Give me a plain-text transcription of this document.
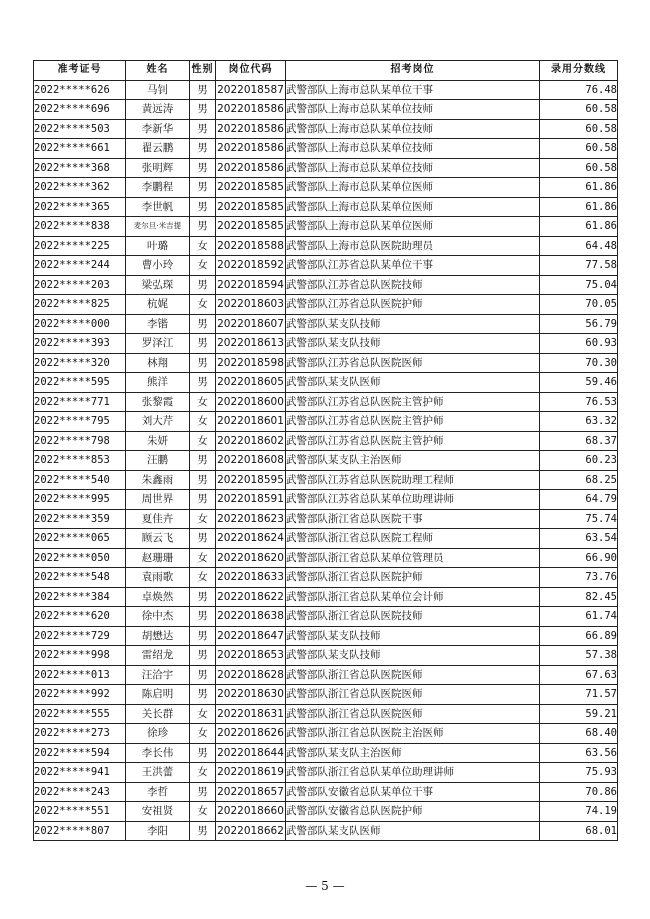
准考证号	姓名	性别	岗位代码	招考岗位	录用分数线
2022*****626	马钊	男	2022018587	武警部队上海市总队某单位干事	76.48
2022*****696	黄远涛	男	2022018586	武警部队上海市总队某单位技师	60.58
2022*****503	李新华	男	2022018586	武警部队上海市总队某单位技师	60.58
2022*****661	翟云鹏	男	2022018586	武警部队上海市总队某单位技师	60.58
2022*****368	张明辉	男	2022018586	武警部队上海市总队某单位技师	60.58
2022*****362	李鹏程	男	2022018585	武警部队上海市总队某单位医师	61.86
2022*****365	李世帆	男	2022018585	武警部队上海市总队某单位医师	61.86
2022*****838	麦尔旦·米吉提	男	2022018585	武警部队上海市总队某单位医师	61.86
2022*****225	叶璐	女	2022018588	武警部队上海市总队医院助理员	64.48
2022*****244	曹小玲	女	2022018592	武警部队江苏省总队某单位干事	77.58
2022*****203	梁弘琛	男	2022018594	武警部队江苏省总队医院技师	75.04
2022*****825	杭娓	女	2022018603	武警部队江苏省总队医院护师	70.05
2022*****000	李锴	男	2022018607	武警部队某支队技师	56.79
2022*****393	罗泽江	男	2022018613	武警部队某支队技师	60.93
2022*****320	林翔	男	2022018598	武警部队江苏省总队医院医师	70.30
2022*****595	熊洋	男	2022018605	武警部队某支队医师	59.46
2022*****771	张黎霞	女	2022018600	武警部队江苏省总队医院主管护师	76.53
2022*****795	刘大芹	女	2022018601	武警部队江苏省总队医院主管护师	63.32
2022*****798	朱妍	女	2022018602	武警部队江苏省总队医院主管护师	68.37
2022*****853	汪鹏	男	2022018608	武警部队某支队主治医师	60.23
2022*****540	朱鑫雨	男	2022018595	武警部队江苏省总队医院助理工程师	68.25
2022*****995	周世界	男	2022018591	武警部队江苏省总队某单位助理讲师	64.79
2022*****359	夏佳卉	女	2022018623	武警部队浙江省总队医院干事	75.74
2022*****065	顾云飞	男	2022018624	武警部队浙江省总队医院工程师	63.54
2022*****050	赵珊珊	女	2022018620	武警部队浙江省总队某单位管理员	66.90
2022*****548	袁雨歌	女	2022018633	武警部队浙江省总队医院护师	73.76
2022*****384	卓焕然	男	2022018622	武警部队浙江省总队某单位会计师	82.45
2022*****620	徐中杰	男	2022018638	武警部队浙江省总队医院技师	61.74
2022*****729	胡懋达	男	2022018647	武警部队某支队技师	66.89
2022*****998	雷绍龙	男	2022018653	武警部队某支队技师	57.38
2022*****013	汪洽宇	男	2022018628	武警部队浙江省总队医院医师	67.63
2022*****992	陈启明	男	2022018630	武警部队浙江省总队医院医师	71.57
2022*****555	关长群	女	2022018631	武警部队浙江省总队医院医师	59.21
2022*****273	徐珍	女	2022018626	武警部队浙江省总队医院主治医师	68.40
2022*****594	李长伟	男	2022018644	武警部队某支队主治医师	63.56
2022*****941	王洪蕾	女	2022018619	武警部队浙江省总队某单位助理讲师	75.93
2022*****243	李哲	男	2022018657	武警部队安徽省总队某单位干事	70.86
2022*****551	安祖贤	女	2022018660	武警部队安徽省总队医院护师	74.19
2022*****807	李阳	男	2022018662	武警部队某支队医师	68.01
— 5 —
